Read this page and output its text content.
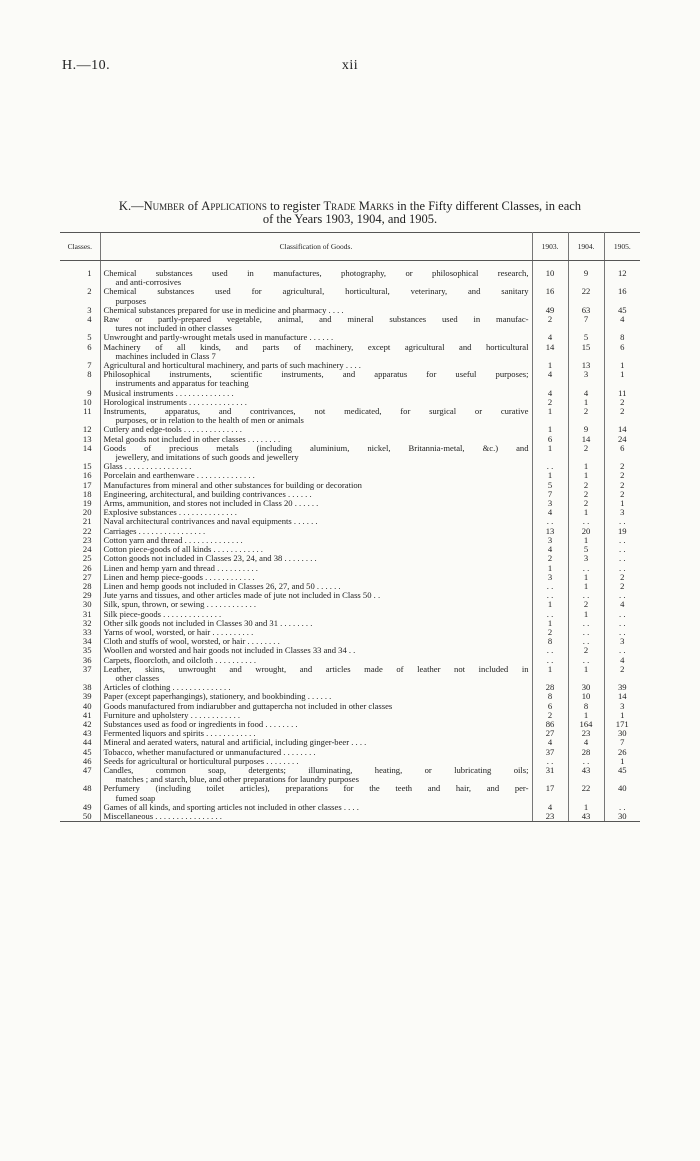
H.—10.	xii
K.—Number of Applications to register Trade Marks in the Fifty different Classes, in each
of the Years 1903, 1904, and 1905.
Classes.	Classification of Goods.	1903.	1904.	1905.

1	Chemical substances used in manufactures, photography, or philosophical research,
and anti-corrosives	10	9	12
2	Chemical substances used for agricultural, horticultural, veterinary, and sanitary
purposes	16	22	16
3	Chemical substances prepared for use in medicine and pharmacy . . . .	49	63	45
4	Raw or partly-prepared vegetable, animal, and mineral substances used in manufac-
tures not included in other classes	2	7	4
5	Unwrought and partly-wrought metals used in manufacture . . . . . .	4	5	8
6	Machinery of all kinds, and parts of machinery, except agricultural and horticultural
machines included in Class 7	14	15	6
7	Agricultural and horticultural machinery, and parts of such machinery . . . .	1	13	1
8	Philosophical instruments, scientific instruments, and apparatus for useful purposes;
instruments and apparatus for teaching	4	3	1
9	Musical instruments . . . . . . . . . . . . . .	4	4	11
10	Horological instruments . . . . . . . . . . . . . .	2	1	2
11	Instruments, apparatus, and contrivances, not medicated, for surgical or curative
purposes, or in relation to the health of men or animals	1	2	2
12	Cutlery and edge-tools . . . . . . . . . . . . . .	1	9	14
13	Metal goods not included in other classes . . . . . . . .	6	14	24
14	Goods of precious metals (including aluminium, nickel, Britannia-metal, &c.) and
jewellery, and imitations of such goods and jewellery	1	2	6
15	Glass . . . . . . . . . . . . . . . .	. .	1	2
16	Porcelain and earthenware . . . . . . . . . . . . . .	1	1	2
17	Manufactures from mineral and other substances for building or decoration	5	2	2
18	Engineering, architectural, and building contrivances . . . . . .	7	2	2
19	Arms, ammunition, and stores not included in Class 20 . . . . . .	3	2	1
20	Explosive substances . . . . . . . . . . . . . .	4	1	3
21	Naval architectural contrivances and naval equipments . . . . . .	. .	. .	. .
22	Carriages . . . . . . . . . . . . . . . .	13	20	19
23	Cotton yarn and thread . . . . . . . . . . . . . .	3	1	. .
24	Cotton piece-goods of all kinds . . . . . . . . . . . .	4	5	. .
25	Cotton goods not included in Classes 23, 24, and 38 . . . . . . . .	2	3	. .
26	Linen and hemp yarn and thread . . . . . . . . . .	1	. .	. .
27	Linen and hemp piece-goods . . . . . . . . . . . .	3	1	2
28	Linen and hemp goods not included in Classes 26, 27, and 50 . . . . . .	. .	1	2
29	Jute yarns and tissues, and other articles made of jute not included in Class 50 . .	. .	. .	. .
30	Silk, spun, thrown, or sewing . . . . . . . . . . . .	1	2	4
31	Silk piece-goods . . . . . . . . . . . . . .	. .	1	. .
32	Other silk goods not included in Classes 30 and 31 . . . . . . . .	1	. .	. .
33	Yarns of wool, worsted, or hair . . . . . . . . . .	2	. .	. .
34	Cloth and stuffs of wool, worsted, or hair . . . . . . . .	8	. .	3
35	Woollen and worsted and hair goods not included in Classes 33 and 34 . .	. .	2	. .
36	Carpets, floorcloth, and oilcloth . . . . . . . . . .	. .	. .	4
37	Leather, skins, unwrought and wrought, and articles made of leather not included in
other classes	1	1	2
38	Articles of clothing . . . . . . . . . . . . . .	28	30	39
39	Paper (except paperhangings), stationery, and bookbinding . . . . . .	8	10	14
40	Goods manufactured from indiarubber and guttapercha not included in other classes	6	8	3
41	Furniture and upholstery . . . . . . . . . . . .	2	1	1
42	Substances used as food or ingredients in food . . . . . . . .	86	164	171
43	Fermented liquors and spirits . . . . . . . . . . . .	27	23	30
44	Mineral and aerated waters, natural and artificial, including ginger-beer . . . .	4	4	7
45	Tobacco, whether manufactured or unmanufactured . . . . . . . .	37	28	26
46	Seeds for agricultural or horticultural purposes . . . . . . . .	. .	. .	1
47	Candles, common soap, detergents; illuminating, heating, or lubricating oils;
matches ; and starch, blue, and other preparations for laundry purposes	31	43	45
48	Perfumery (including toilet articles), preparations for the teeth and hair, and per-
fumed soap	17	22	40
49	Games of all kinds, and sporting articles not included in other classes . . . .	4	1	. .
50	Miscellaneous . . . . . . . . . . . . . . . .	23	43	30
